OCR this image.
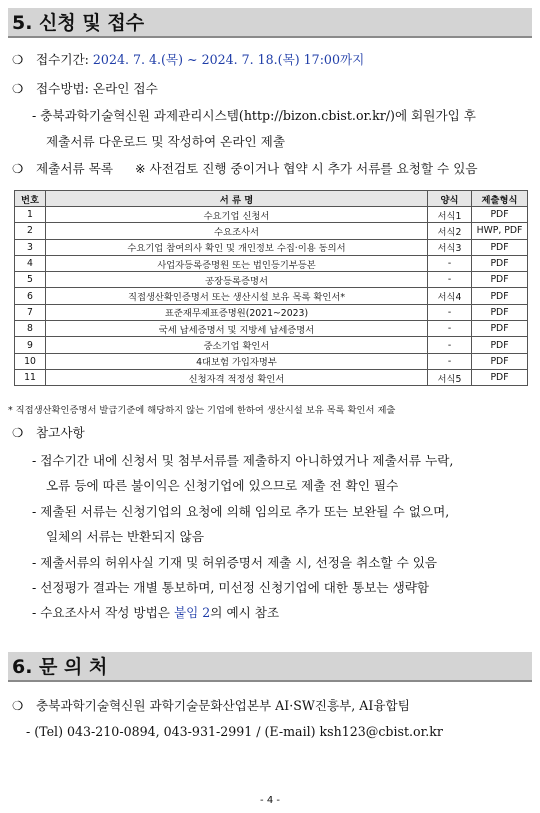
5. 신청 및 접수
❍ 접수기간: 2024. 7. 4.(목) ~ 2024. 7. 18.(목) 17:00까지
❍ 접수방법: 온라인 접수
- 충북과학기술혁신원 과제관리시스템(http://bizon.cbist.or.kr/)에 회원가입 후
제출서류 다운로드 및 작성하여 온라인 제출
❍ 제출서류 목록 ※ 사전검토 진행 중이거나 협약 시 추가 서류를 요청할 수 있음
번호	서 류 명	양식	제출형식
1	수요기업 신청서	서식1	PDF
2	수요조사서	서식2	HWP, PDF
3	수요기업 참여의사 확인 및 개인정보 수집·이용 동의서	서식3	PDF
4	사업자등록증명원 또는 법인등기부등본	-	PDF
5	공장등록증명서	-	PDF
6	직접생산확인증명서 또는 생산시설 보유 목록 확인서*	서식4	PDF
7	표준재무제표증명원(2021~2023)	-	PDF
8	국세 납세증명서 및 지방세 납세증명서	-	PDF
9	중소기업 확인서	-	PDF
10	4대보험 가입자명부	-	PDF
11	신청자격 적정성 확인서	서식5	PDF
* 직접생산확인증명서 발급기준에 해당하지 않는 기업에 한하여 생산시설 보유 목록 확인서 제출
❍ 참고사항
- 접수기간 내에 신청서 및 첨부서류를 제출하지 아니하였거나 제출서류 누락,
오류 등에 따른 불이익은 신청기업에 있으므로 제출 전 확인 필수
- 제출된 서류는 신청기업의 요청에 의해 임의로 추가 또는 보완될 수 없으며,
일체의 서류는 반환되지 않음
- 제출서류의 허위사실 기재 및 허위증명서 제출 시, 선정을 취소할 수 있음
- 선정평가 결과는 개별 통보하며, 미선정 신청기업에 대한 통보는 생략함
- 수요조사서 작성 방법은 붙임 2의 예시 참조
6. 문 의 처
❍ 충북과학기술혁신원 과학기술문화산업본부 AI·SW진흥부, AI융합팀
- (Tel) 043-210-0894, 043-931-2991 / (E-mail) ksh123@cbist.or.kr
- 4 -
